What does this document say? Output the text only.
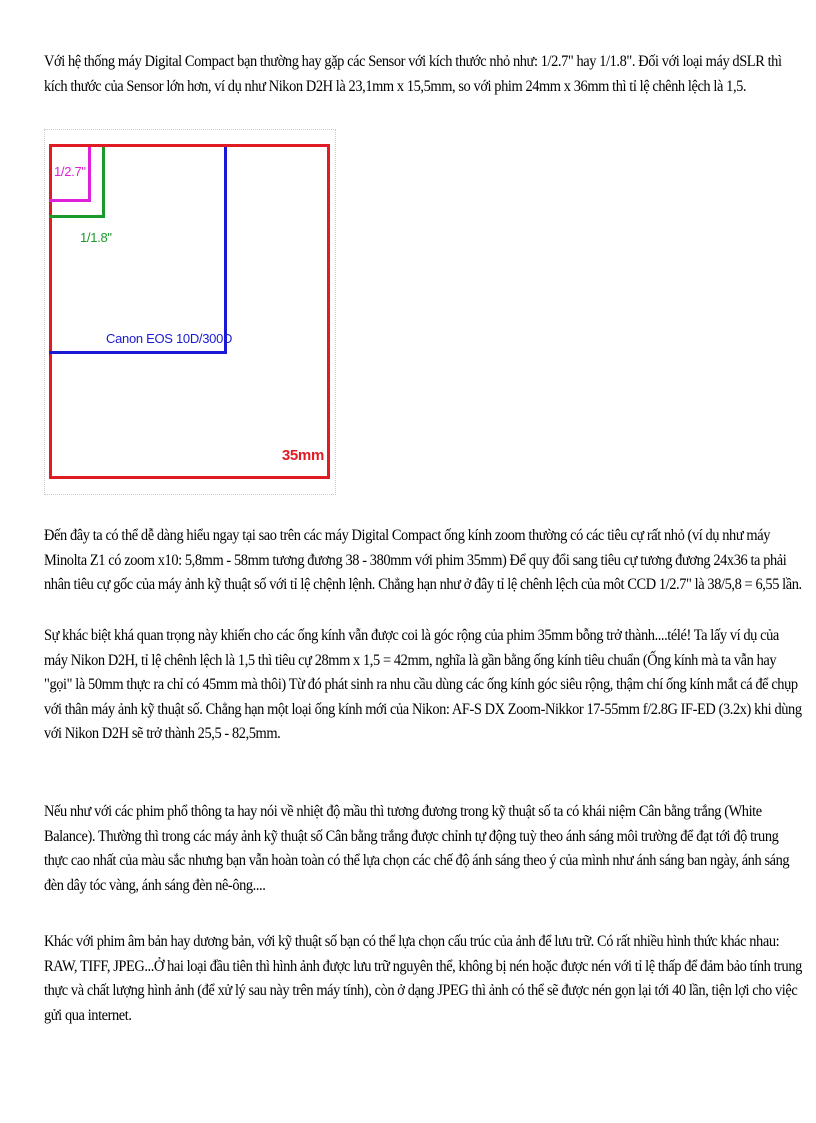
Với hệ thống máy Digital Compact bạn thường hay gặp các Sensor với kích thước nhỏ như: 1/2.7" hay 1/1.8". Đối với loại máy dSLR thì kích thước của Sensor lớn hơn, ví dụ như Nikon D2H là 23,1mm x 15,5mm, so với phim 24mm x 36mm thì tỉ lệ chênh lệch là 1,5.
1/2.7"
1/1.8"
Canon EOS 10D/300D
35mm
Đến đây ta có thể dễ dàng hiểu ngay tại sao trên các máy Digital Compact ống kính zoom thường có các tiêu cự rất nhỏ (ví dụ như máy Minolta Z1 có zoom x10: 5,8mm - 58mm tương đương 38 - 380mm với phim 35mm) Để quy đổi sang tiêu cự tương đương 24x36 ta phải nhân tiêu cự gốc của máy ảnh kỹ thuật số với tỉ lệ chệnh lệnh. Chẳng hạn như ở đây tỉ lệ chênh lệch của môt CCD 1/2.7" là 38/5,8 = 6,55 lần.
Sự khác biệt khá quan trọng này khiến cho các ống kính vẫn được coi là góc rộng của phim 35mm bỗng trở thành....télé! Ta lấy ví dụ của máy Nikon D2H, tỉ lệ chênh lệch là 1,5 thì tiêu cự 28mm x 1,5 = 42mm, nghĩa là gần bằng ống kính tiêu chuẩn (Ống kính mà ta vẫn hay "gọi" là 50mm thực ra chỉ có 45mm mà thôi) Từ đó phát sinh ra nhu cầu dùng các ống kính góc siêu rộng, thậm chí ống kính mắt cá để chụp với thân máy ảnh kỹ thuật số. Chẳng hạn một loại ống kính mới của Nikon: AF-S DX Zoom-Nikkor 17-55mm f/2.8G IF-ED (3.2x) khi dùng với Nikon D2H sẽ trở thành 25,5 - 82,5mm.
Nếu như với các phim phổ thông ta hay nói về nhiệt độ mầu thì tương đương trong kỹ thuật số ta có khái niệm Cân bằng trắng (White Balance). Thường thì trong các máy ảnh kỹ thuật số Cân bằng trắng được chỉnh tự động tuỳ theo ánh sáng môi trường để đạt tới độ trung thực cao nhất của màu sắc nhưng bạn vẫn hoàn toàn có thể lựa chọn các chế độ ánh sáng theo ý của mình như ánh sáng ban ngày, ánh sáng đèn dây tóc vàng, ánh sáng đèn nê-ông....
Khác với phim âm bản hay dương bản, với kỹ thuật số bạn có thể lựa chọn cấu trúc của ảnh để lưu trữ. Có rất nhiều hình thức khác nhau: RAW, TIFF, JPEG...Ở hai loại đầu tiên thì hình ảnh được lưu trữ nguyên thể, không bị nén hoặc được nén với tỉ lệ thấp để đảm bảo tính trung thực và chất lượng hình ảnh (để xử lý sau này trên máy tính), còn ở dạng JPEG thì ảnh có thể sẽ được nén gọn lại tới 40 lần, tiện lợi cho việc gửi qua internet.
